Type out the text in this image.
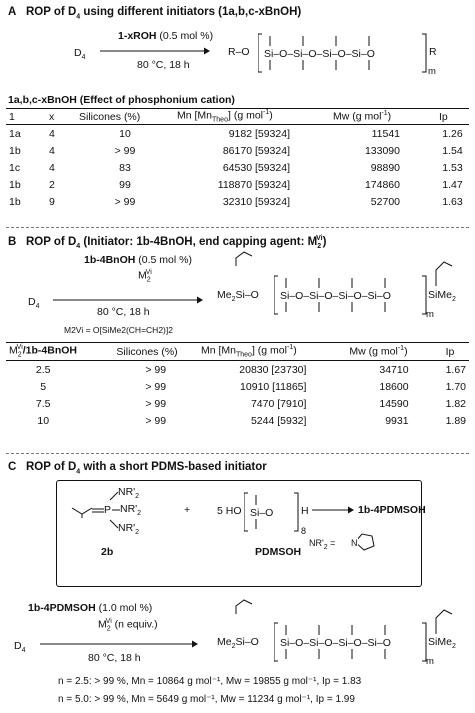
A ROP of $D_4$ using different initiators (1a,b,c-xBnOH)
$D_4$
1-xROH (0.5 mol %)
80 °C, 18 h
R–O Si–O–Si–O–Si–O–Si–O	R
m
1a,b,c-xBnOH (Effect of phosphonium cation)
1	x	Silicones (%)	Mn $[Mn_{Theo}]$ (g mol$^{-1}$)	Mw (g mol$^{-1}$)	Ip
1a	4	10	9182 [59324]	11541	1.26
1b	4	> 99	86170 [59324]	133090	1.54
1c	4	83	64530 [59324]	98890	1.53
1b	2	99	118870 [59324]	174860	1.47
1b	9	> 99	32310 [59324]	52700	1.63
B ROP of $D_4$ (Initiator: 1b-4BnOH, end capping agent: $M_2^{Vi}$)
1b-4BnOH (0.5 mol %)
$M_2^{Vi}$
$D_4$	80 °C, 18 h
M2Vi = O[SiMe2(CH=CH2)]2
$Me_2Si-O$ Si–O–Si–O–Si–O–Si–O	SiMe$_2$
m
$M_2^{Vi}/1b-4BnOH$	Silicones (%)	Mn $[Mn_{Theo}]$ (g mol$^{-1}$)	Mw (g mol$^{-1}$)	Ip
2.5	> 99	20830 [23730]	34710	1.67
5	> 99	10910 [11865]	18600	1.70
7.5	> 99	7470 [7910]	14590	1.82
10	> 99	5244 [5932]	9931	1.89
C ROP of $D_4$ with a short PDMS-based initiator
P
$NR'_2$
$NR'_2$
$NR'_2$
2b
+	5 HO Si–O	H
8
PDMSOH
1b-4PDMSOH
$NR'_2 = N$
1b-4PDMSOH (1.0 mol %)
$M_2^{Vi}$ (n equiv.)
$D_4$
80 °C, 18 h
$Me_2Si-O$ Si–O–Si–O–Si–O–Si–O	SiMe$_2$
m
n = 2.5: > 99 %, Mn = 10864 g mol⁻¹, Mw = 19855 g mol⁻¹, Ip = 1.83
n = 5.0: > 99 %, Mn = 5649 g mol⁻¹, Mw = 11234 g mol⁻¹, Ip = 1.99
